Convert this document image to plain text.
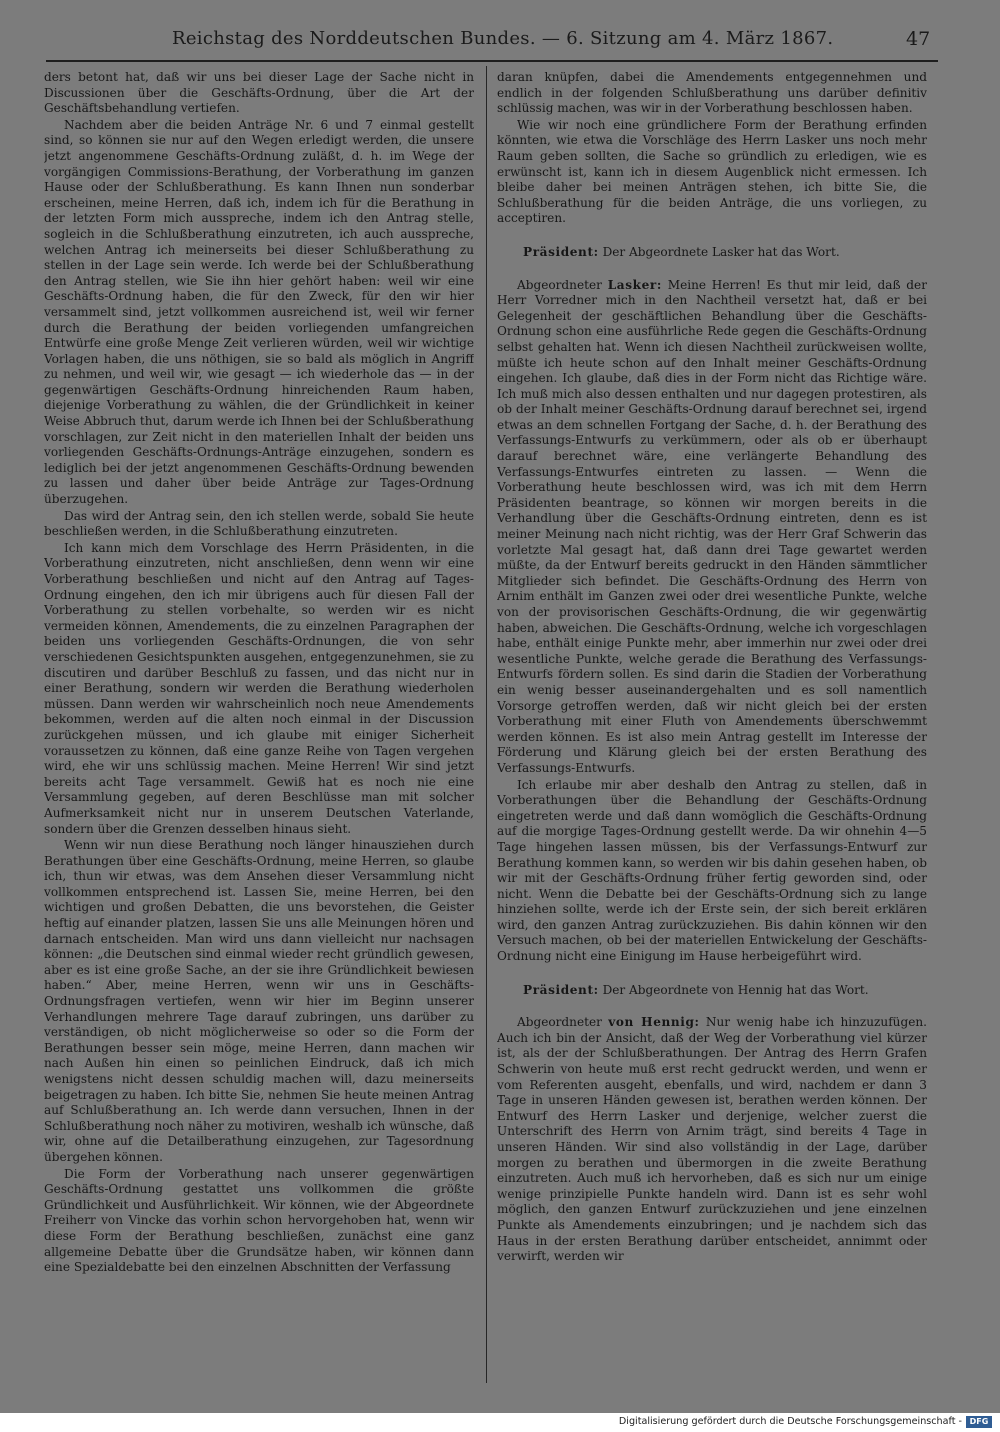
Reichstag des Norddeutschen Bundes. — 6. Sitzung am 4. März 1867.	47

ders betont hat, daß wir uns bei dieser Lage der Sache nicht in Discussionen über die Geschäfts-Ordnung, über die Art der Geschäftsbehandlung vertiefen.

Nachdem aber die beiden Anträge Nr. 6 und 7 einmal gestellt sind, so können sie nur auf den Wegen erledigt werden, die unsere jetzt angenommene Geschäfts-Ordnung zuläßt, d. h. im Wege der vorgängigen Commissions-Berathung, der Vorberathung im ganzen Hause oder der Schlußberathung. Es kann Ihnen nun sonderbar erscheinen, meine Herren, daß ich, indem ich für die Berathung in der letzten Form mich ausspreche, indem ich den Antrag stelle, sogleich in die Schlußberathung einzutreten, ich auch ausspreche, welchen Antrag ich meinerseits bei dieser Schlußberathung zu stellen in der Lage sein werde. Ich werde bei der Schlußberathung den Antrag stellen, wie Sie ihn hier gehört haben: weil wir eine Geschäfts-Ordnung haben, die für den Zweck, für den wir hier versammelt sind, jetzt vollkommen ausreichend ist, weil wir ferner durch die Berathung der beiden vorliegenden umfangreichen Entwürfe eine große Menge Zeit verlieren würden, weil wir wichtige Vorlagen haben, die uns nöthigen, sie so bald als möglich in Angriff zu nehmen, und weil wir, wie gesagt — ich wiederhole das — in der gegenwärtigen Geschäfts-Ordnung hinreichenden Raum haben, diejenige Vorberathung zu wählen, die der Gründlichkeit in keiner Weise Abbruch thut, darum werde ich Ihnen bei der Schlußberathung vorschlagen, zur Zeit nicht in den materiellen Inhalt der beiden uns vorliegenden Geschäfts-Ordnungs-Anträge einzugehen, sondern es lediglich bei der jetzt angenommenen Geschäfts-Ordnung bewenden zu lassen und daher über beide Anträge zur Tages-Ordnung überzugehen.

Das wird der Antrag sein, den ich stellen werde, sobald Sie heute beschließen werden, in die Schlußberathung einzutreten.

Ich kann mich dem Vorschlage des Herrn Präsidenten, in die Vorberathung einzutreten, nicht anschließen, denn wenn wir eine Vorberathung beschließen und nicht auf den Antrag auf Tages-Ordnung eingehen, den ich mir übrigens auch für diesen Fall der Vorberathung zu stellen vorbehalte, so werden wir es nicht vermeiden können, Amendements, die zu einzelnen Paragraphen der beiden uns vorliegenden Geschäfts-Ordnungen, die von sehr verschiedenen Gesichtspunkten ausgehen, entgegenzunehmen, sie zu discutiren und darüber Beschluß zu fassen, und das nicht nur in einer Berathung, sondern wir werden die Berathung wiederholen müssen. Dann werden wir wahrscheinlich noch neue Amendements bekommen, werden auf die alten noch einmal in der Discussion zurückgehen müssen, und ich glaube mit einiger Sicherheit voraussetzen zu können, daß eine ganze Reihe von Tagen vergehen wird, ehe wir uns schlüssig machen. Meine Herren! Wir sind jetzt bereits acht Tage versammelt. Gewiß hat es noch nie eine Versammlung gegeben, auf deren Beschlüsse man mit solcher Aufmerksamkeit nicht nur in unserem Deutschen Vaterlande, sondern über die Grenzen desselben hinaus sieht.

Wenn wir nun diese Berathung noch länger hinausziehen durch Berathungen über eine Geschäfts-Ordnung, meine Herren, so glaube ich, thun wir etwas, was dem Ansehen dieser Versammlung nicht vollkommen entsprechend ist. Lassen Sie, meine Herren, bei den wichtigen und großen Debatten, die uns bevorstehen, die Geister heftig auf einander platzen, lassen Sie uns alle Meinungen hören und darnach entscheiden. Man wird uns dann vielleicht nur nachsagen können: „die Deutschen sind einmal wieder recht gründlich gewesen, aber es ist eine große Sache, an der sie ihre Gründlichkeit bewiesen haben.“ Aber, meine Herren, wenn wir uns in Geschäfts-Ordnungsfragen vertiefen, wenn wir hier im Beginn unserer Verhandlungen mehrere Tage darauf zubringen, uns darüber zu verständigen, ob nicht möglicherweise so oder so die Form der Berathungen besser sein möge, meine Herren, dann machen wir nach Außen hin einen so peinlichen Eindruck, daß ich mich wenigstens nicht dessen schuldig machen will, dazu meinerseits beigetragen zu haben. Ich bitte Sie, nehmen Sie heute meinen Antrag auf Schlußberathung an. Ich werde dann versuchen, Ihnen in der Schlußberathung noch näher zu motiviren, weshalb ich wünsche, daß wir, ohne auf die Detailberathung einzugehen, zur Tagesordnung übergehen können.

Die Form der Vorberathung nach unserer gegenwärtigen Geschäfts-Ordnung gestattet uns vollkommen die größte Gründlichkeit und Ausführlichkeit. Wir können, wie der Abgeordnete Freiherr von Vincke das vorhin schon hervorgehoben hat, wenn wir diese Form der Berathung beschließen, zunächst eine ganz allgemeine Debatte über die Grundsätze haben, wir können dann eine Spezialdebatte bei den einzelnen Abschnitten der Verfassung

daran knüpfen, dabei die Amendements entgegennehmen und endlich in der folgenden Schlußberathung uns darüber definitiv schlüssig machen, was wir in der Vorberathung beschlossen haben.

Wie wir noch eine gründlichere Form der Berathung erfinden könnten, wie etwa die Vorschläge des Herrn Lasker uns noch mehr Raum geben sollten, die Sache so gründlich zu erledigen, wie es erwünscht ist, kann ich in diesem Augenblick nicht ermessen. Ich bleibe daher bei meinen Anträgen stehen, ich bitte Sie, die Schlußberathung für die beiden Anträge, die uns vorliegen, zu acceptiren.

Präsident: Der Abgeordnete Lasker hat das Wort.

Abgeordneter Lasker: Meine Herren! Es thut mir leid, daß der Herr Vorredner mich in den Nachtheil versetzt hat, daß er bei Gelegenheit der geschäftlichen Behandlung über die Geschäfts-Ordnung schon eine ausführliche Rede gegen die Geschäfts-Ordnung selbst gehalten hat. Wenn ich diesen Nachtheil zurückweisen wollte, müßte ich heute schon auf den Inhalt meiner Geschäfts-Ordnung eingehen. Ich glaube, daß dies in der Form nicht das Richtige wäre. Ich muß mich also dessen enthalten und nur dagegen protestiren, als ob der Inhalt meiner Geschäfts-Ordnung darauf berechnet sei, irgend etwas an dem schnellen Fortgang der Sache, d. h. der Berathung des Verfassungs-Entwurfs zu verkümmern, oder als ob er überhaupt darauf berechnet wäre, eine verlängerte Behandlung des Verfassungs-Entwurfes eintreten zu lassen. — Wenn die Vorberathung heute beschlossen wird, was ich mit dem Herrn Präsidenten beantrage, so können wir morgen bereits in die Verhandlung über die Geschäfts-Ordnung eintreten, denn es ist meiner Meinung nach nicht richtig, was der Herr Graf Schwerin das vorletzte Mal gesagt hat, daß dann drei Tage gewartet werden müßte, da der Entwurf bereits gedruckt in den Händen sämmtlicher Mitglieder sich befindet. Die Geschäfts-Ordnung des Herrn von Arnim enthält im Ganzen zwei oder drei wesentliche Punkte, welche von der provisorischen Geschäfts-Ordnung, die wir gegenwärtig haben, abweichen. Die Geschäfts-Ordnung, welche ich vorgeschlagen habe, enthält einige Punkte mehr, aber immerhin nur zwei oder drei wesentliche Punkte, welche gerade die Berathung des Verfassungs-Entwurfs fördern sollen. Es sind darin die Stadien der Vorberathung ein wenig besser auseinandergehalten und es soll namentlich Vorsorge getroffen werden, daß wir nicht gleich bei der ersten Vorberathung mit einer Fluth von Amendements überschwemmt werden können. Es ist also mein Antrag gestellt im Interesse der Förderung und Klärung gleich bei der ersten Berathung des Verfassungs-Entwurfs.

Ich erlaube mir aber deshalb den Antrag zu stellen, daß in Vorberathungen über die Behandlung der Geschäfts-Ordnung eingetreten werde und daß dann womöglich die Geschäfts-Ordnung auf die morgige Tages-Ordnung gestellt werde. Da wir ohnehin 4—5 Tage hingehen lassen müssen, bis der Verfassungs-Entwurf zur Berathung kommen kann, so werden wir bis dahin gesehen haben, ob wir mit der Geschäfts-Ordnung früher fertig geworden sind, oder nicht. Wenn die Debatte bei der Geschäfts-Ordnung sich zu lange hinziehen sollte, werde ich der Erste sein, der sich bereit erklären wird, den ganzen Antrag zurückzuziehen. Bis dahin können wir den Versuch machen, ob bei der materiellen Entwickelung der Geschäfts-Ordnung nicht eine Einigung im Hause herbeigeführt wird.

Präsident: Der Abgeordnete von Hennig hat das Wort.

Abgeordneter von Hennig: Nur wenig habe ich hinzuzufügen. Auch ich bin der Ansicht, daß der Weg der Vorberathung viel kürzer ist, als der der Schlußberathungen. Der Antrag des Herrn Grafen Schwerin von heute muß erst recht gedruckt werden, und wenn er vom Referenten ausgeht, ebenfalls, und wird, nachdem er dann 3 Tage in unseren Händen gewesen ist, berathen werden können. Der Entwurf des Herrn Lasker und derjenige, welcher zuerst die Unterschrift des Herrn von Arnim trägt, sind bereits 4 Tage in unseren Händen. Wir sind also vollständig in der Lage, darüber morgen zu berathen und übermorgen in die zweite Berathung einzutreten. Auch muß ich hervorheben, daß es sich nur um einige wenige prinzipielle Punkte handeln wird. Dann ist es sehr wohl möglich, den ganzen Entwurf zurückzuziehen und jene einzelnen Punkte als Amendements einzubringen; und je nachdem sich das Haus in der ersten Berathung darüber entscheidet, annimmt oder verwirft, werden wir

Digitalisierung gefördert durch die Deutsche Forschungsgemeinschaft - DFG
